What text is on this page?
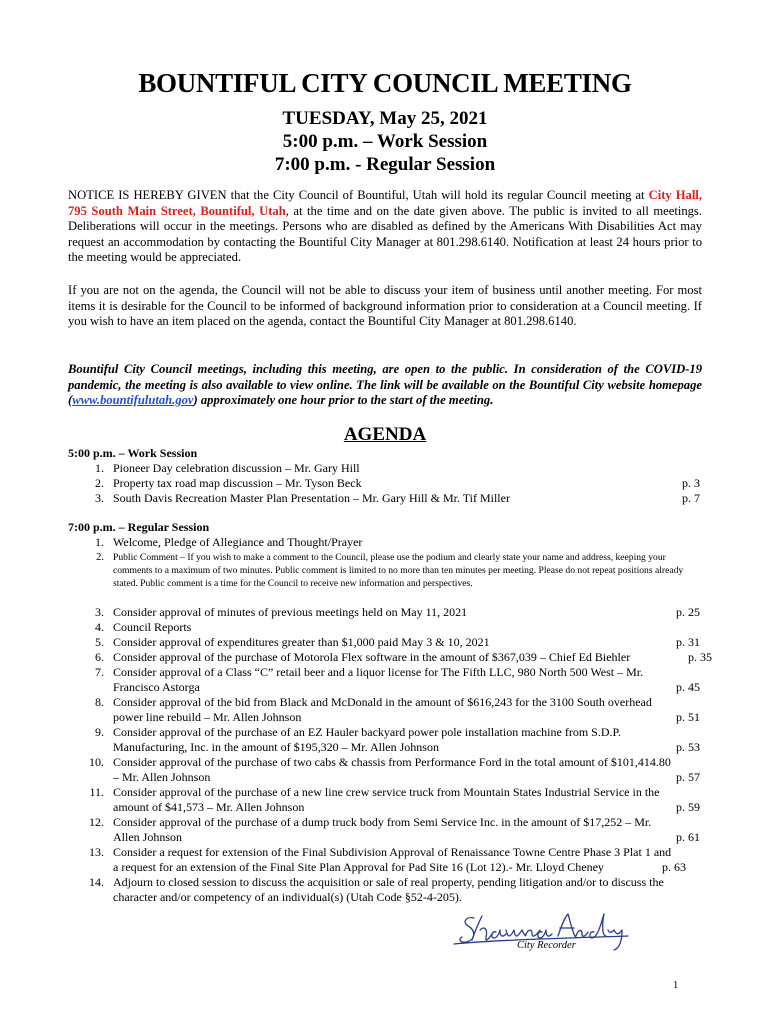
BOUNTIFUL CITY COUNCIL MEETING
TUESDAY, May 25, 2021
5:00 p.m. – Work Session
7:00 p.m. - Regular Session
NOTICE IS HEREBY GIVEN that the City Council of Bountiful, Utah will hold its regular Council meeting at City Hall, 795 South Main Street, Bountiful, Utah, at the time and on the date given above. The public is invited to all meetings. Deliberations will occur in the meetings. Persons who are disabled as defined by the Americans With Disabilities Act may request an accommodation by contacting the Bountiful City Manager at 801.298.6140. Notification at least 24 hours prior to the meeting would be appreciated.
If you are not on the agenda, the Council will not be able to discuss your item of business until another meeting. For most items it is desirable for the Council to be informed of background information prior to consideration at a Council meeting. If you wish to have an item placed on the agenda, contact the Bountiful City Manager at 801.298.6140.
Bountiful City Council meetings, including this meeting, are open to the public. In consideration of the COVID-19 pandemic, the meeting is also available to view online. The link will be available on the Bountiful City website homepage (www.bountifulutah.gov) approximately one hour prior to the start of the meeting.
AGENDA
5:00 p.m. – Work Session
1. Pioneer Day celebration discussion – Mr. Gary Hill
2. Property tax road map discussion – Mr. Tyson Beck	p. 3
3. South Davis Recreation Master Plan Presentation – Mr. Gary Hill & Mr. Tif Miller	p. 7
7:00 p.m. – Regular Session
1. Welcome, Pledge of Allegiance and Thought/Prayer
2. Public Comment – If you wish to make a comment to the Council, please use the podium and clearly state your name and address, keeping your comments to a maximum of two minutes. Public comment is limited to no more than ten minutes per meeting. Please do not repeat positions already stated. Public comment is a time for the Council to receive new information and perspectives.
3. Consider approval of minutes of previous meetings held on May 11, 2021	p. 25
4. Council Reports
5. Consider approval of expenditures greater than $1,000 paid May 3 & 10, 2021	p. 31
6. Consider approval of the purchase of Motorola Flex software in the amount of $367,039 – Chief Ed Biehler	p. 35
7. Consider approval of a Class “C” retail beer and a liquor license for The Fifth LLC, 980 North 500 West – Mr.
Francisco Astorga	p. 45
8. Consider approval of the bid from Black and McDonald in the amount of $616,243 for the 3100 South overhead
power line rebuild – Mr. Allen Johnson	p. 51
9. Consider approval of the purchase of an EZ Hauler backyard power pole installation machine from S.D.P.
Manufacturing, Inc. in the amount of $195,320 – Mr. Allen Johnson	p. 53
10. Consider approval of the purchase of two cabs & chassis from Performance Ford in the total amount of $101,414.80
– Mr. Allen Johnson	p. 57
11. Consider approval of the purchase of a new line crew service truck from Mountain States Industrial Service in the
amount of $41,573 – Mr. Allen Johnson	p. 59
12. Consider approval of the purchase of a dump truck body from Semi Service Inc. in the amount of $17,252 – Mr.
Allen Johnson	p. 61
13. Consider a request for extension of the Final Subdivision Approval of Renaissance Towne Centre Phase 3 Plat 1 and
a request for an extension of the Final Site Plan Approval for Pad Site 16 (Lot 12).- Mr. Lloyd Cheney	p. 63
14. Adjourn to closed session to discuss the acquisition or sale of real property, pending litigation and/or to discuss the
character and/or competency of an individual(s) (Utah Code §52-4-205).
City Recorder
1
